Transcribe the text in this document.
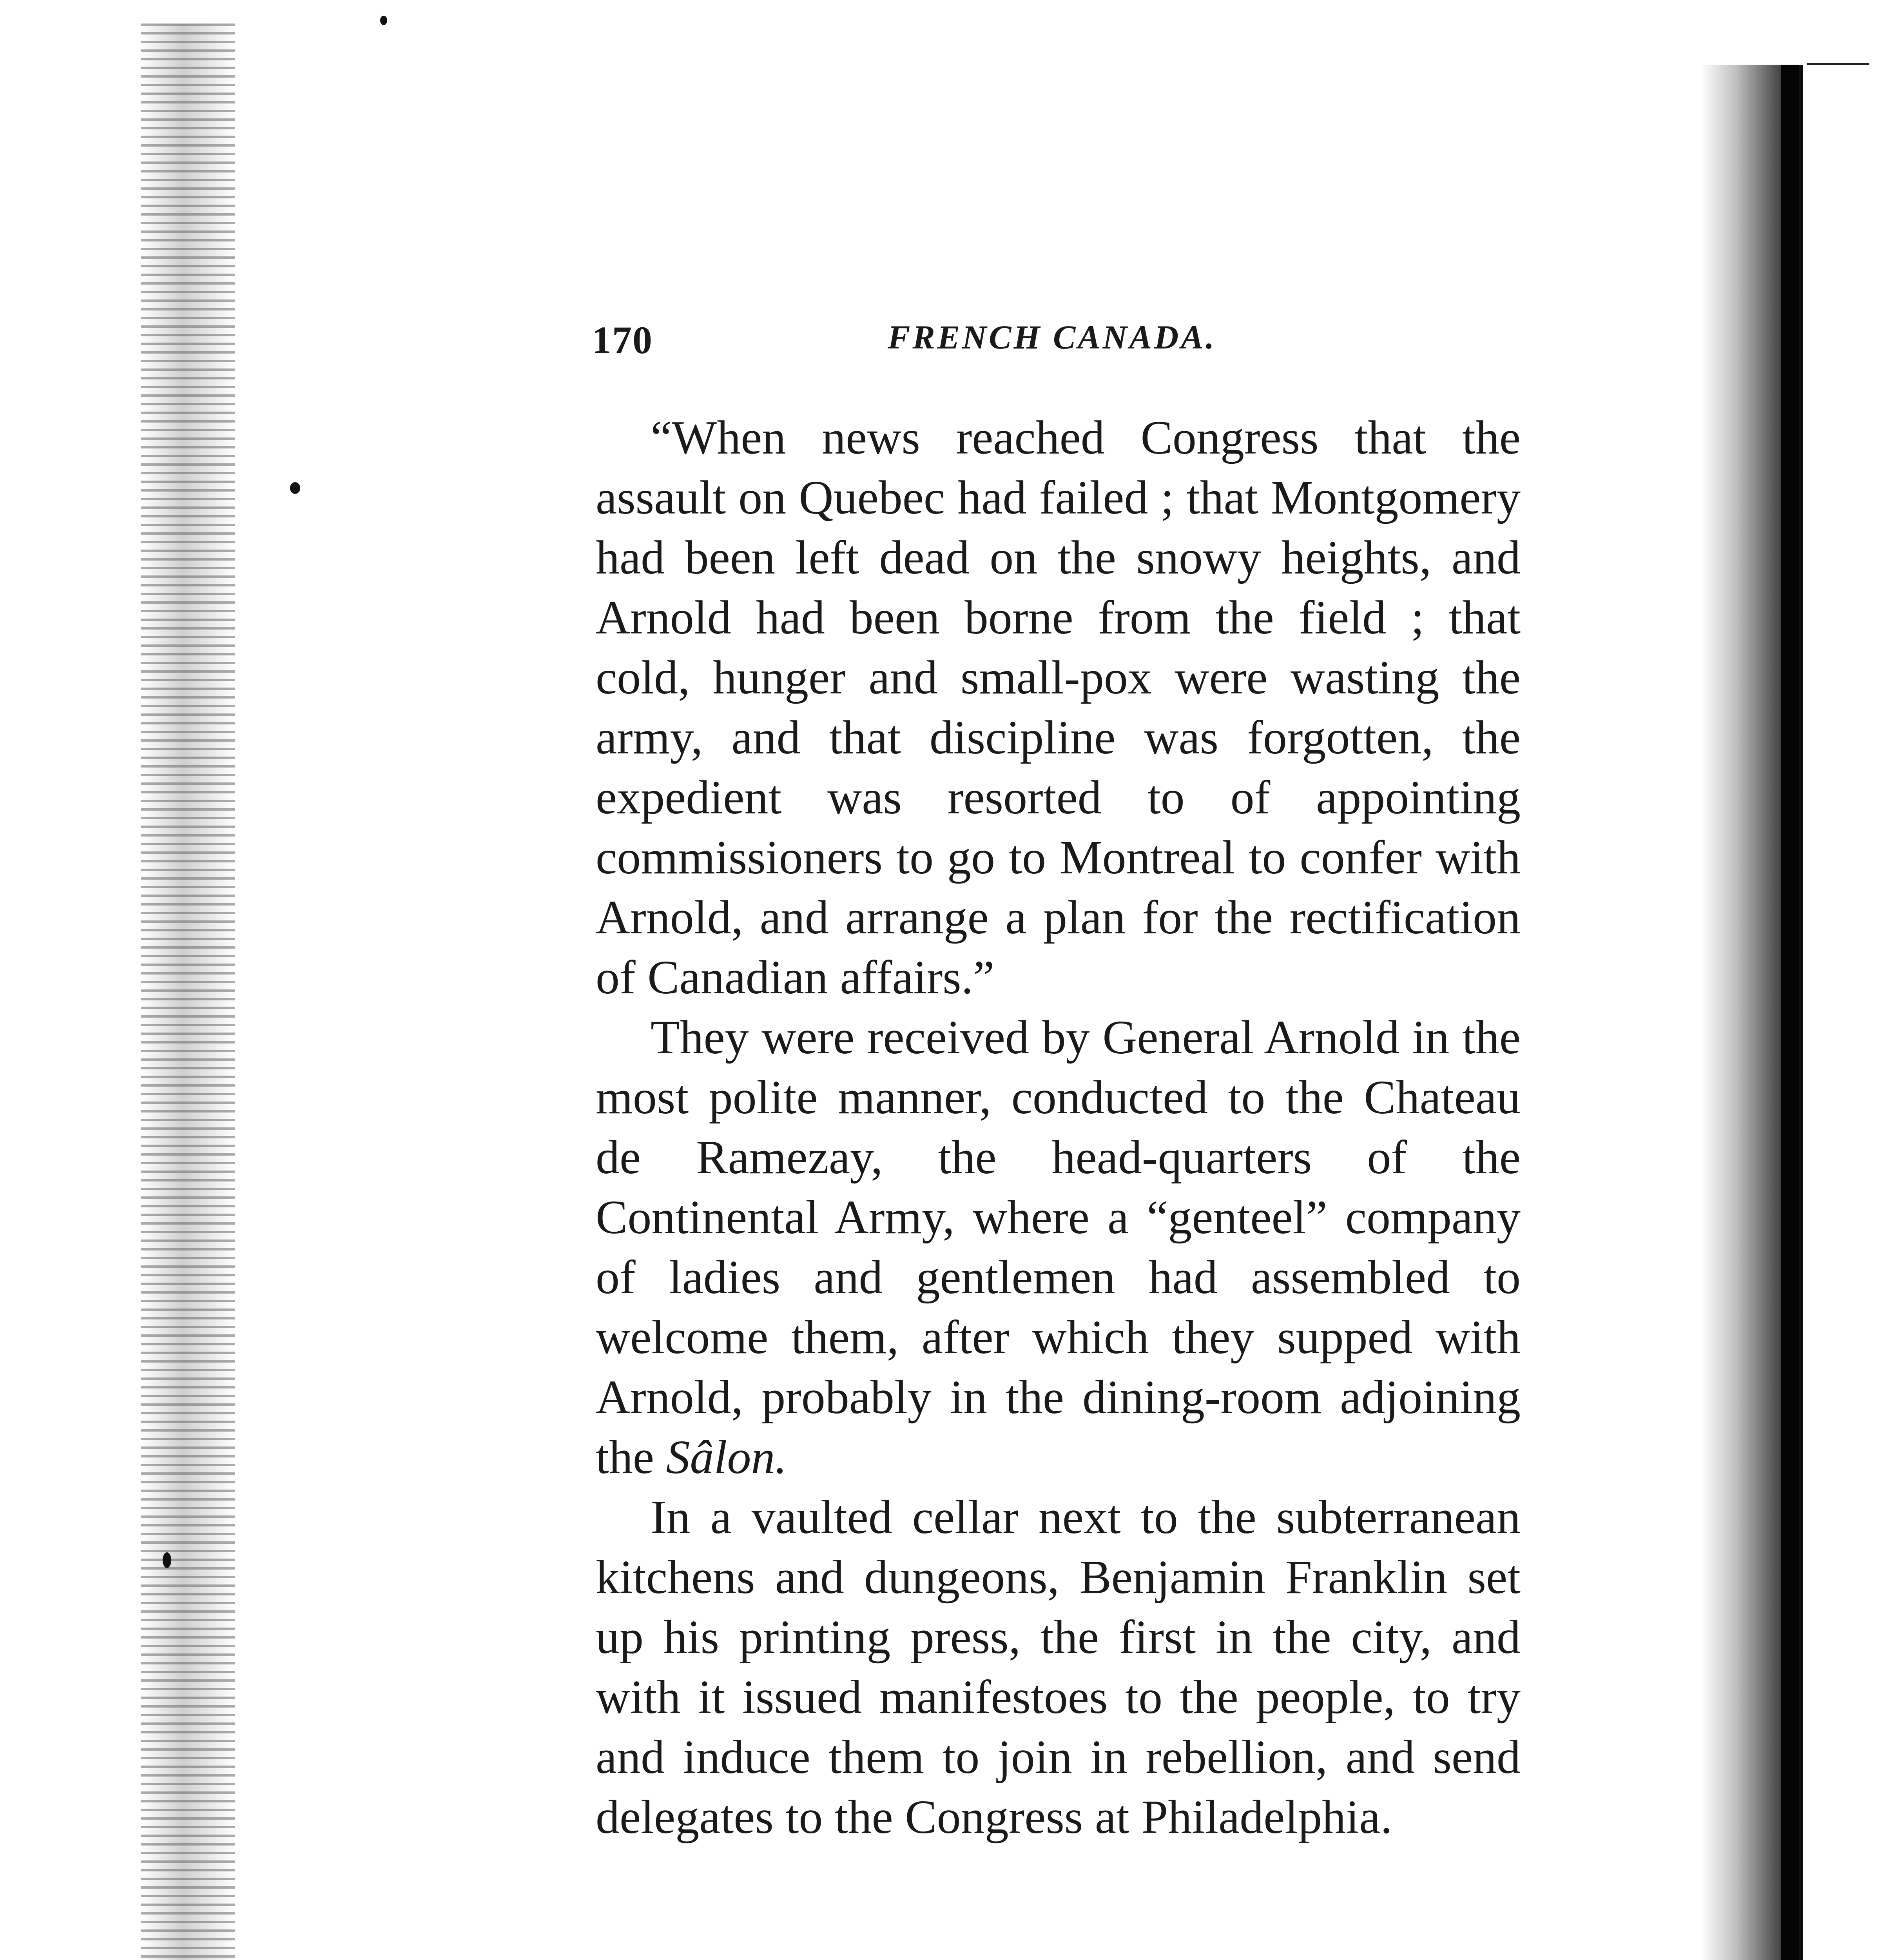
170	FRENCH CANADA.

“When news reached Congress that the assault on Quebec had failed ; that Montgomery had been left dead on the snowy heights, and Arnold had been borne from the field ; that cold, hunger and small-pox were wasting the army, and that discipline was forgotten, the expedient was resorted to of appointing commissioners to go to Montreal to confer with Arnold, and arrange a plan for the rectification of Canadian affairs.”

They were received by General Arnold in the most polite manner, conducted to the Chateau de Ramezay, the head-quarters of the Continental Army, where a “genteel” company of ladies and gentlemen had assembled to welcome them, after which they supped with Arnold, probably in the dining-room adjoining the Sâlon.

In a vaulted cellar next to the subterranean kitchens and dungeons, Benjamin Franklin set up his printing press, the first in the city, and with it issued manifestoes to the people, to try and induce them to join in rebellion, and send delegates to the Congress at Philadelphia.
